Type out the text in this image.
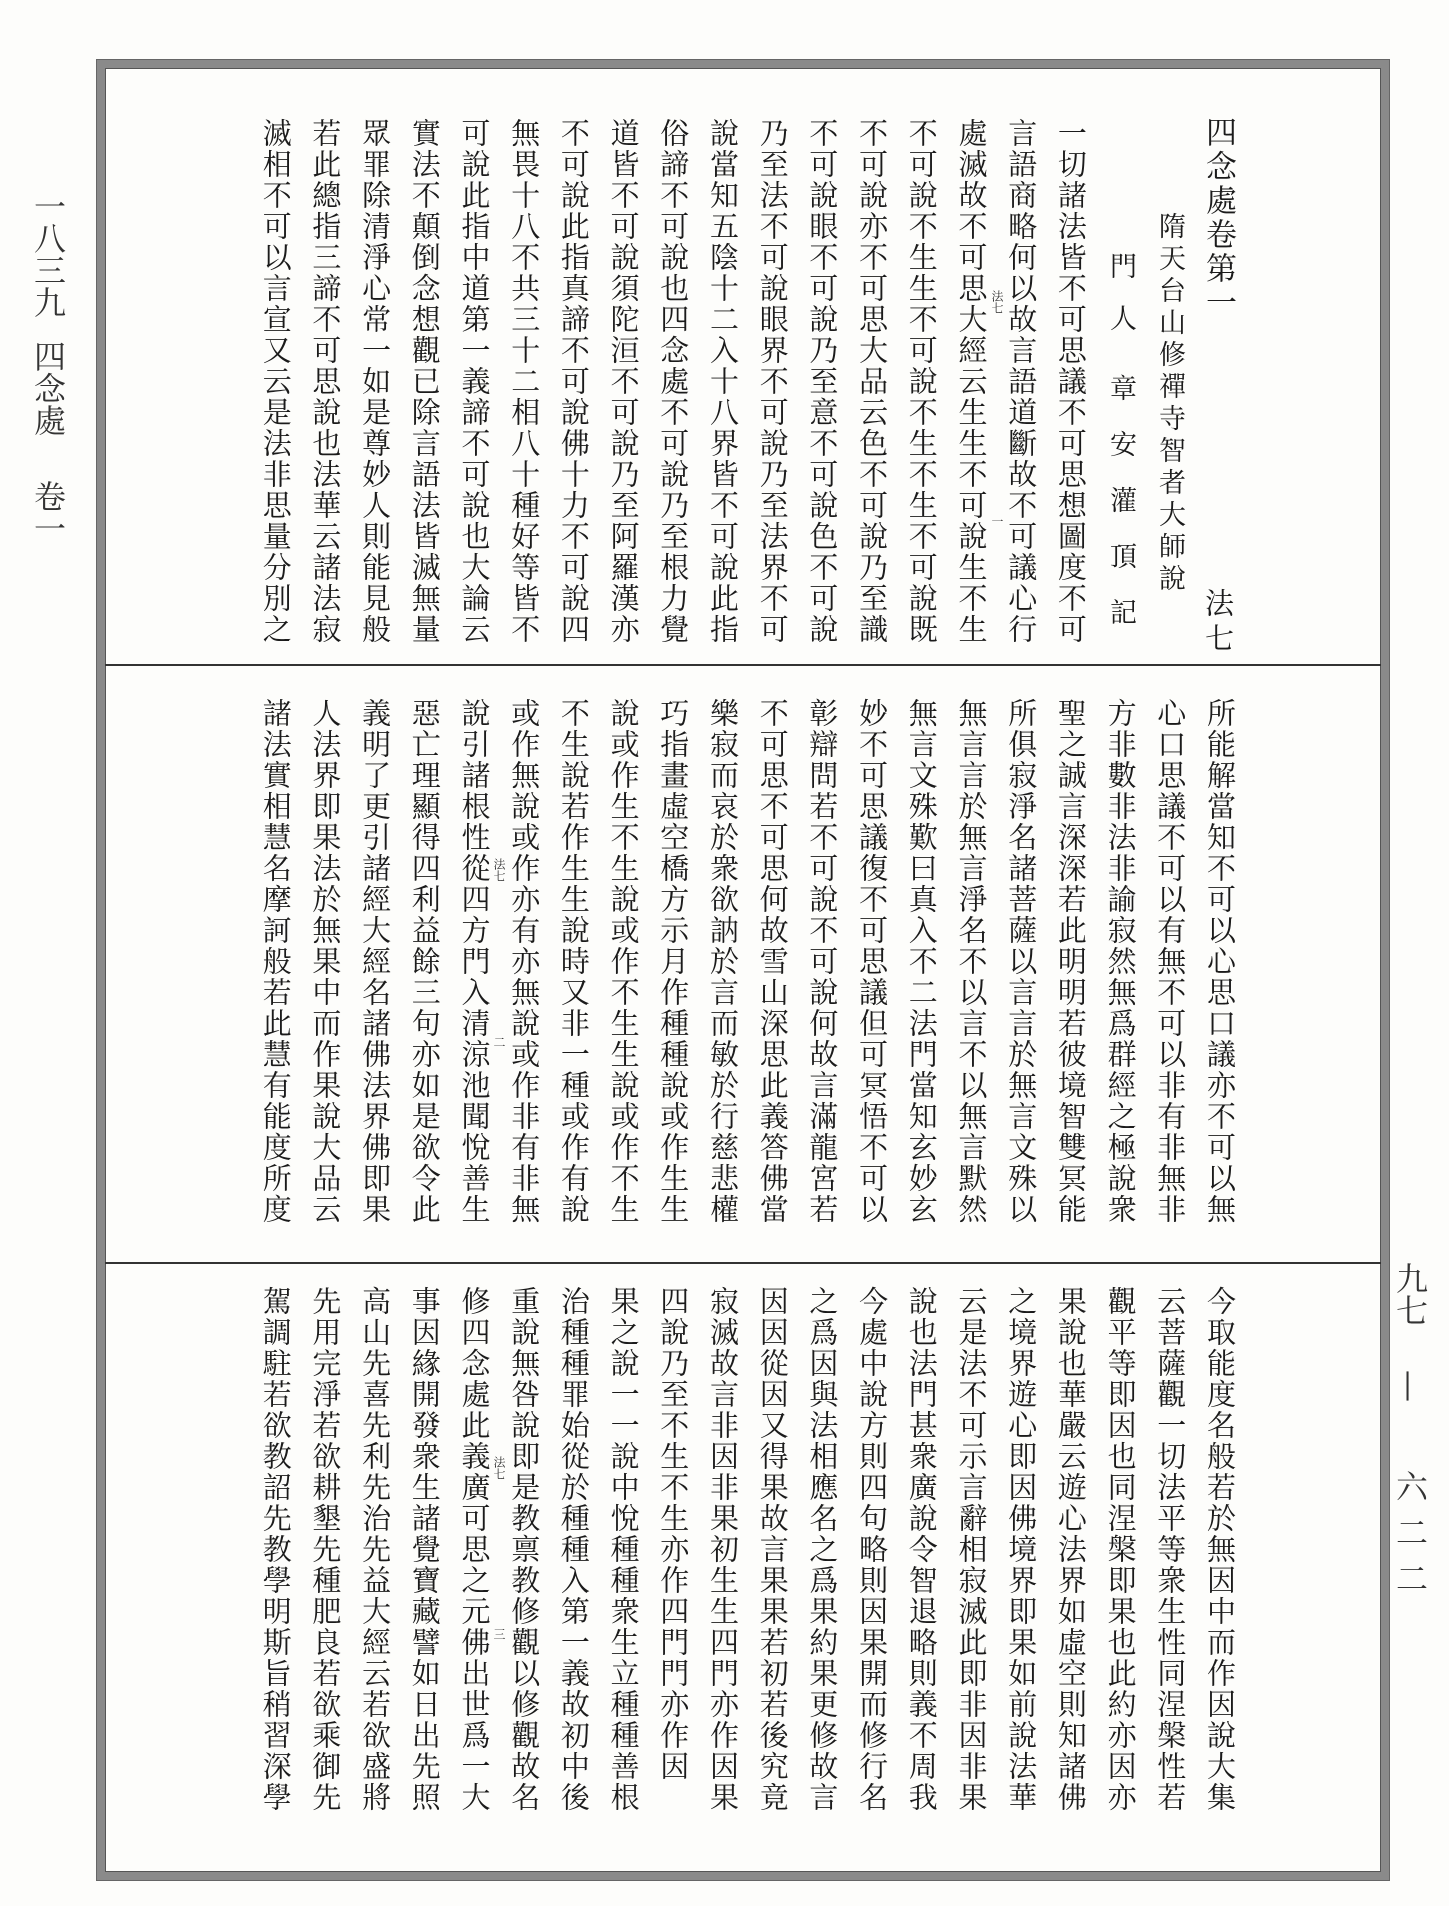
一八三九
四念處
卷一
九七
—
六二二
四念處卷第一
法七
隋天台山修禪寺智者大師說
門人
章安灌頂記
法七
一
法七
二
法七
三
一切諸法皆不可思議不可思想圖度不可
言語商略何以故言語道斷故不可議心行
處滅故不可思大經云生生不可說生不生
不可說不生生不可說不生不生不可說既
不可說亦不可思大品云色不可說乃至識
不可說眼不可說乃至意不可說色不可說
乃至法不可說眼界不可說乃至法界不可
說當知五陰十二入十八界皆不可說此指
俗諦不可說也四念處不可說乃至根力覺
道皆不可說須陀洹不可說乃至阿羅漢亦
不可說此指真諦不可說佛十力不可說四
無畏十八不共三十二相八十種好等皆不
可說此指中道第一義諦不可說也大論云
實法不顛倒念想觀已除言語法皆滅無量
眾罪除清淨心常一如是尊妙人則能見般
若此總指三諦不可思說也法華云諸法寂
滅相不可以言宣又云是法非思量分別之
所能解當知不可以心思口議亦不可以無
心口思議不可以有無不可以非有非無非
方非數非法非諭寂然無爲群經之極說衆
聖之誠言深深若此明明若彼境智雙冥能
所俱寂淨名諸菩薩以言言於無言文殊以
無言言於無言淨名不以言不以無言默然
無言文殊歎曰真入不二法門當知玄妙玄
妙不可思議復不可思議但可冥悟不可以
彰辯問若不可說不可說何故言滿龍宮若
不可思不可思何故雪山深思此義答佛當
樂寂而哀於衆欲訥於言而敏於行慈悲權
巧指畫虛空橋方示月作種種說或作生生
說或作生不生說或作不生生說或作不生
不生說若作生生說時又非一種或作有說
或作無說或作亦有亦無說或作非有非無
說引諸根性從四方門入清涼池聞悅善生
惡亡理顯得四利益餘三句亦如是欲令此
義明了更引諸經大經名諸佛法界佛即果
人法界即果法於無果中而作果說大品云
諸法實相慧名摩訶般若此慧有能度所度
今取能度名般若於無因中而作因說大集
云菩薩觀一切法平等衆生性同涅槃性若
觀平等即因也同涅槃即果也此約亦因亦
果說也華嚴云遊心法界如虛空則知諸佛
之境界遊心即因佛境界即果如前說法華
云是法不可示言辭相寂滅此即非因非果
說也法門甚衆廣說令智退略則義不周我
今處中說方則四句略則因果開而修行名
之爲因與法相應名之爲果約果更修故言
因因從因又得果故言果果若初若後究竟
寂滅故言非因非果初生生四門亦作因果
四說乃至不生不生亦作四門門亦作因
果之說一一說中悅種種衆生立種種善根
治種種罪始從於種種入第一義故初中後
重說無咎說即是教禀教修觀以修觀故名
修四念處此義廣可思之元佛出世爲一大
事因緣開發衆生諸覺寶藏譬如日出先照
高山先喜先利先治先益大經云若欲盛將
先用完淨若欲耕墾先種肥良若欲乘御先
駕調駐若欲教詔先教學明斯旨稍習深學
